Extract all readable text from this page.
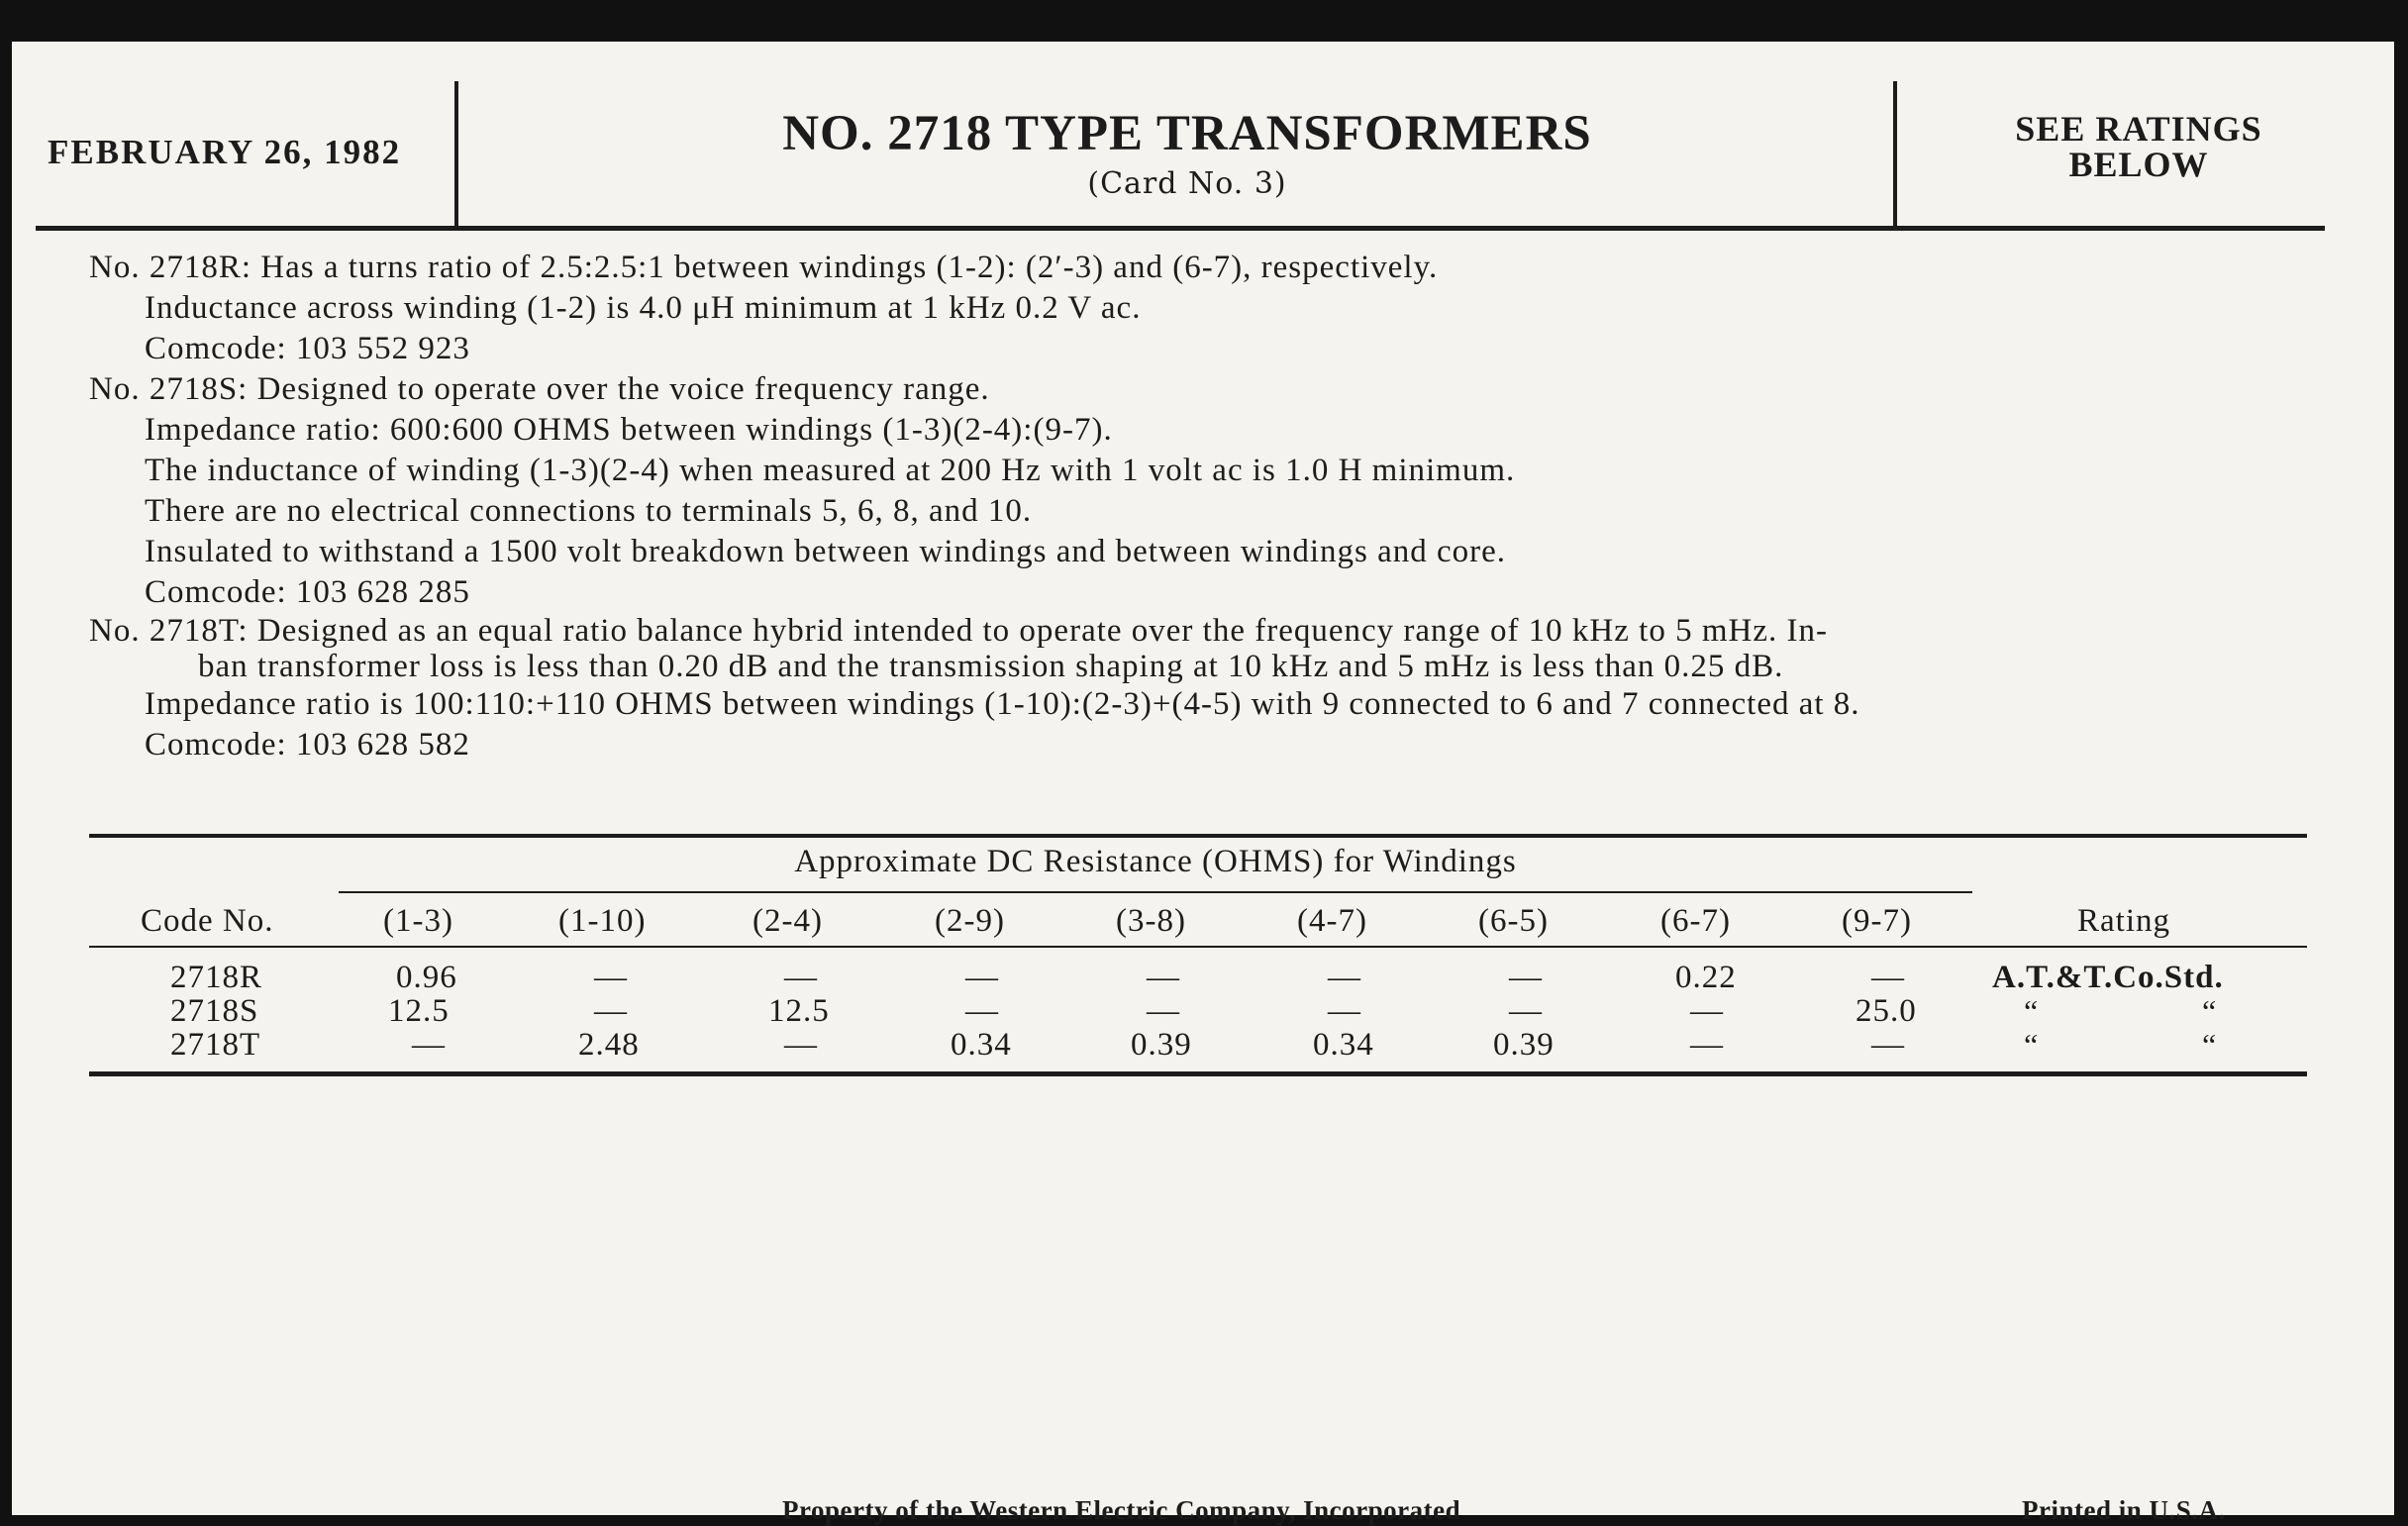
FEBRUARY 26, 1982	NO. 2718 TYPE TRANSFORMERS
(Card No. 3)
SEE RATINGS
BELOW

No. 2718R: Has a turns ratio of 2.5:2.5:1 between windings (1-2): (2′-3) and (6-7), respectively.

Inductance across winding (1-2) is 4.0 μH minimum at 1 kHz 0.2 V ac.

Comcode: 103 552 923

No. 2718S: Designed to operate over the voice frequency range.

Impedance ratio: 600:600 OHMS between windings (1-3)(2-4):(9-7).

The inductance of winding (1-3)(2-4) when measured at 200 Hz with 1 volt ac is 1.0 H minimum.

There are no electrical connections to terminals 5, 6, 8, and 10.

Insulated to withstand a 1500 volt breakdown between windings and between windings and core.

Comcode: 103 628 285

No. 2718T: Designed as an equal ratio balance hybrid intended to operate over the frequency range of 10 kHz to 5 mHz. In-

ban transformer loss is less than 0.20 dB and the transmission shaping at 10 kHz and 5 mHz is less than 0.25 dB.

Impedance ratio is 100:110:+110 OHMS between windings (1-10):(2-3)+(4-5) with 9 connected to 6 and 7 connected at 8.

Comcode: 103 628 582

Approximate DC Resistance (OHMS) for Windings
Code No.	(1-3)	(1-10)	(2-4)	(2-9)	(3-8)	(4-7)	(6-5)	(6-7)	(9-7)	Rating
2718R	0.96	—	—	—	—	—	—	0.22	—	A.T.&T.Co.Std.
2718S	12.5	—	12.5	—	—	—	—	—	25.0	“	“
2718T	—	2.48	—	0.34	0.39	0.34	0.39	—	—	“	“
Property of the Western Electric Company, Incorporated	Printed in U.S.A.
